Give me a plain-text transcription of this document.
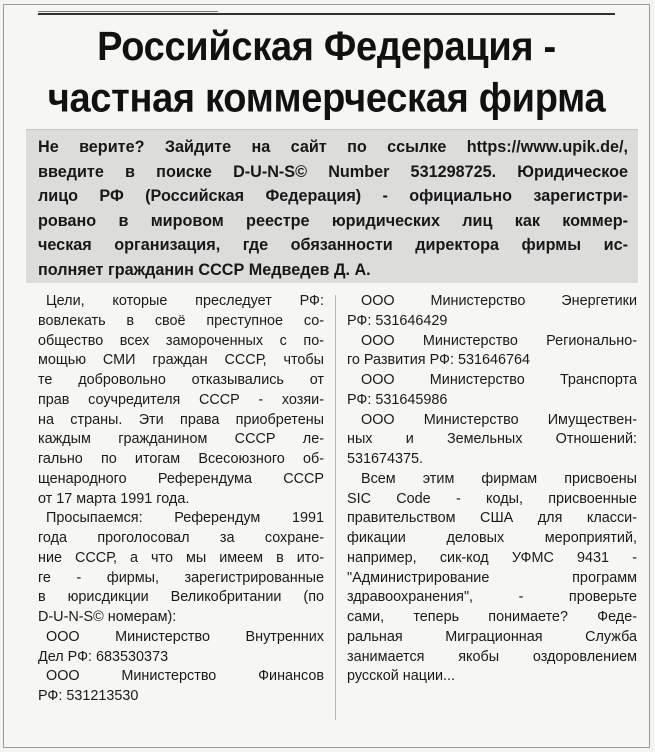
Российская Федерация -
частная коммерческая фирма
Не верите? Зайдите на сайт по ссылке https://www.upik.de/,
введите в поиске D-U-N-S© Number 531298725. Юридическое
лицо РФ (Российская Федерация) - официально зарегистри-
ровано в мировом реестре юридических лиц как коммер-
ческая организация, где обязанности директора фирмы ис-
полняет гражданин СССР Медведев Д. А.
Цели, которые преследует РФ:
вовлекать в своё преступное со-
общество всех замороченных с по-
мощью СМИ граждан СССР, чтобы
те добровольно отказывались от
прав соучредителя СССР - хозяи-
на страны. Эти права приобретены
каждым гражданином СССР ле-
гально по итогам Всесоюзного об-
щенародного Референдума СССР
от 17 марта 1991 года.
Просыпаемся: Референдум 1991
года проголосовал за сохране-
ние СССР, а что мы имеем в ито-
ге - фирмы, зарегистрированные
в юрисдикции Великобритании (по
D-U-N-S© номерам):
ООО Министерство Внутренних
Дел РФ: 683530373
ООО Министерство Финансов
РФ: 531213530
ООО Министерство Энергетики
РФ: 531646429
ООО Министерство Регионально-
го Развития РФ: 531646764
ООО Министерство Транспорта
РФ: 531645986
ООО Министерство Имуществен-
ных и Земельных Отношений:
531674375.
Всем этим фирмам присвоены
SIC Code - коды, присвоенные
правительством США для класси-
фикации деловых мероприятий,
например, сик-код УФМС 9431 -
"Администрирование программ
здравоохранения", - проверьте
сами, теперь понимаете? Феде-
ральная Миграционная Служба
занимается якобы оздоровлением
русской нации...
